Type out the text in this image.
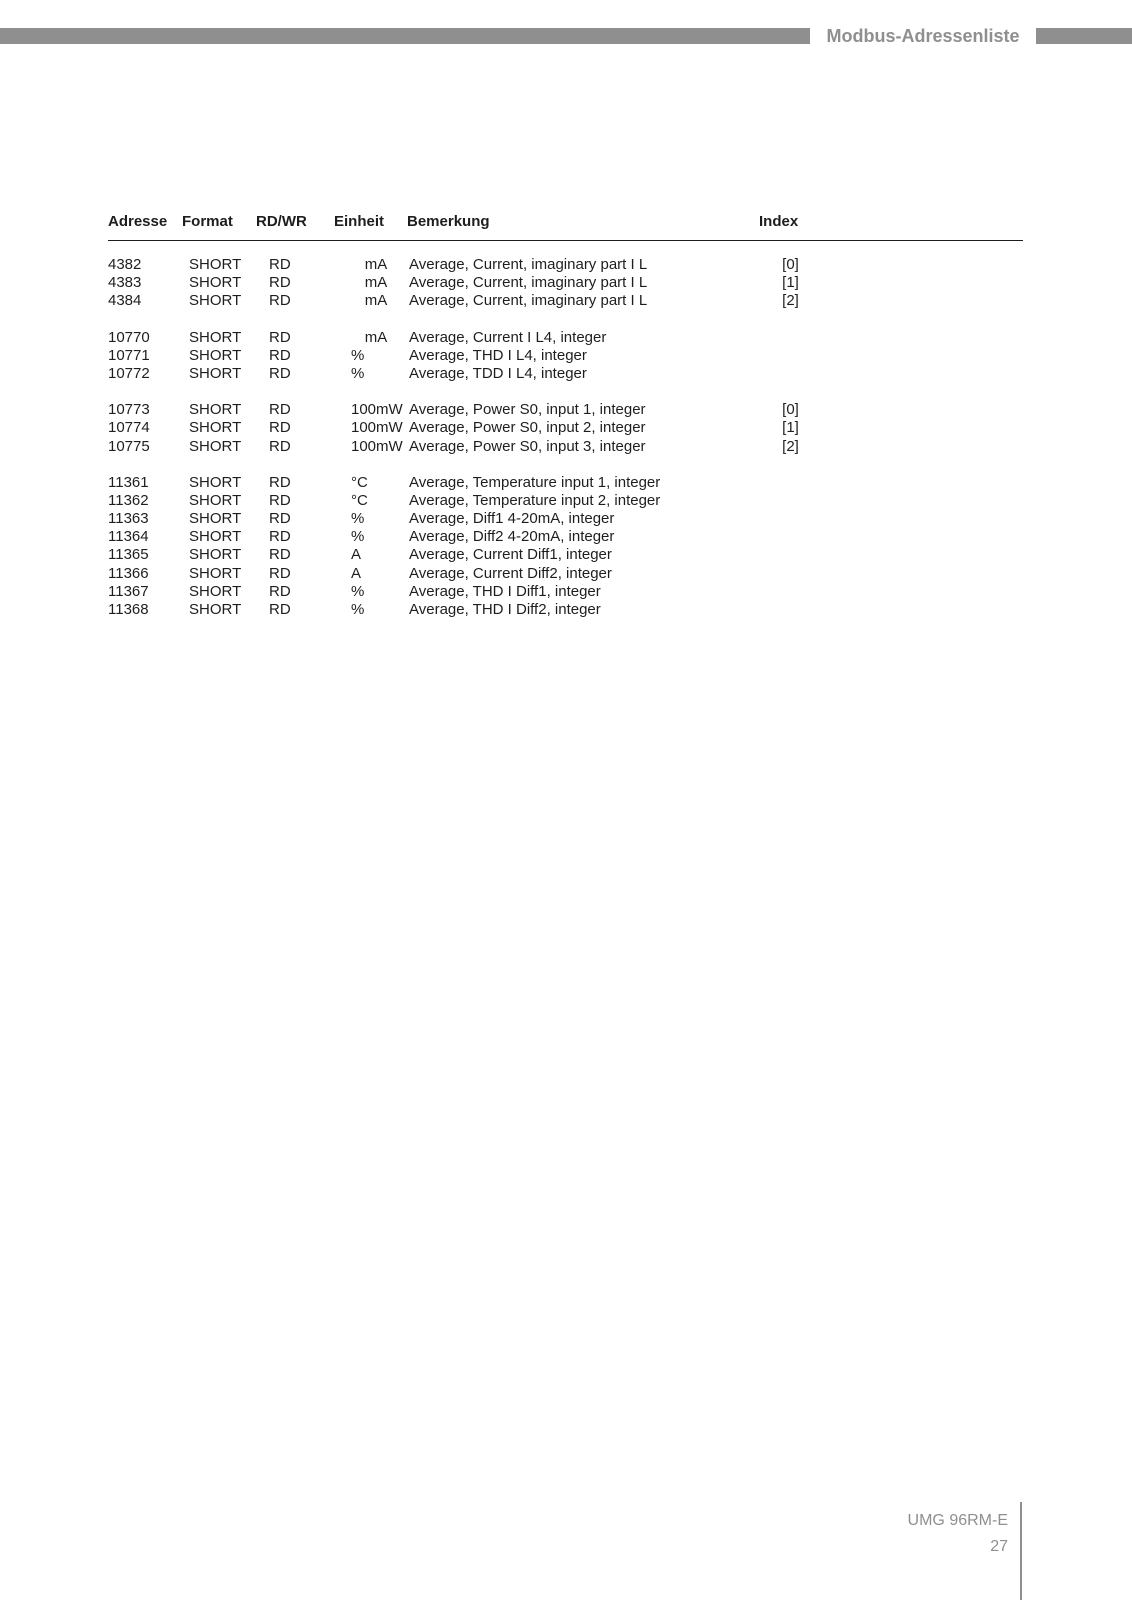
Modbus-Adressenliste
Adresse Format RD/WR Einheit Bemerkung	Index
4382	SHORT RD	mA	Average, Current, imaginary part I L	[0]
4383	SHORT RD	mA	Average, Current, imaginary part I L	[1]
4384	SHORT RD	mA	Average, Current, imaginary part I L	[2]
10770	SHORT RD	mA	Average, Current I L4, integer
10771	SHORT RD	%	Average, THD I L4, integer
10772	SHORT RD	%	Average, TDD I L4, integer
10773	SHORT RD	100mW Average, Power S0, input 1, integer	[0]
10774	SHORT RD	100mW Average, Power S0, input 2, integer	[1]
10775	SHORT RD	100mW Average, Power S0, input 3, integer	[2]
11361	SHORT RD	°C	Average, Temperature input 1, integer
11362	SHORT RD	°C	Average, Temperature input 2, integer
11363	SHORT RD	%	Average, Diff1 4-20mA, integer
11364	SHORT RD	%	Average, Diff2 4-20mA, integer
11365	SHORT RD	A	Average, Current Diff1, integer
11366	SHORT RD	A	Average, Current Diff2, integer
11367	SHORT RD	%	Average, THD I Diff1, integer
11368	SHORT RD	%	Average, THD I Diff2, integer
UMG 96RM-E
27
